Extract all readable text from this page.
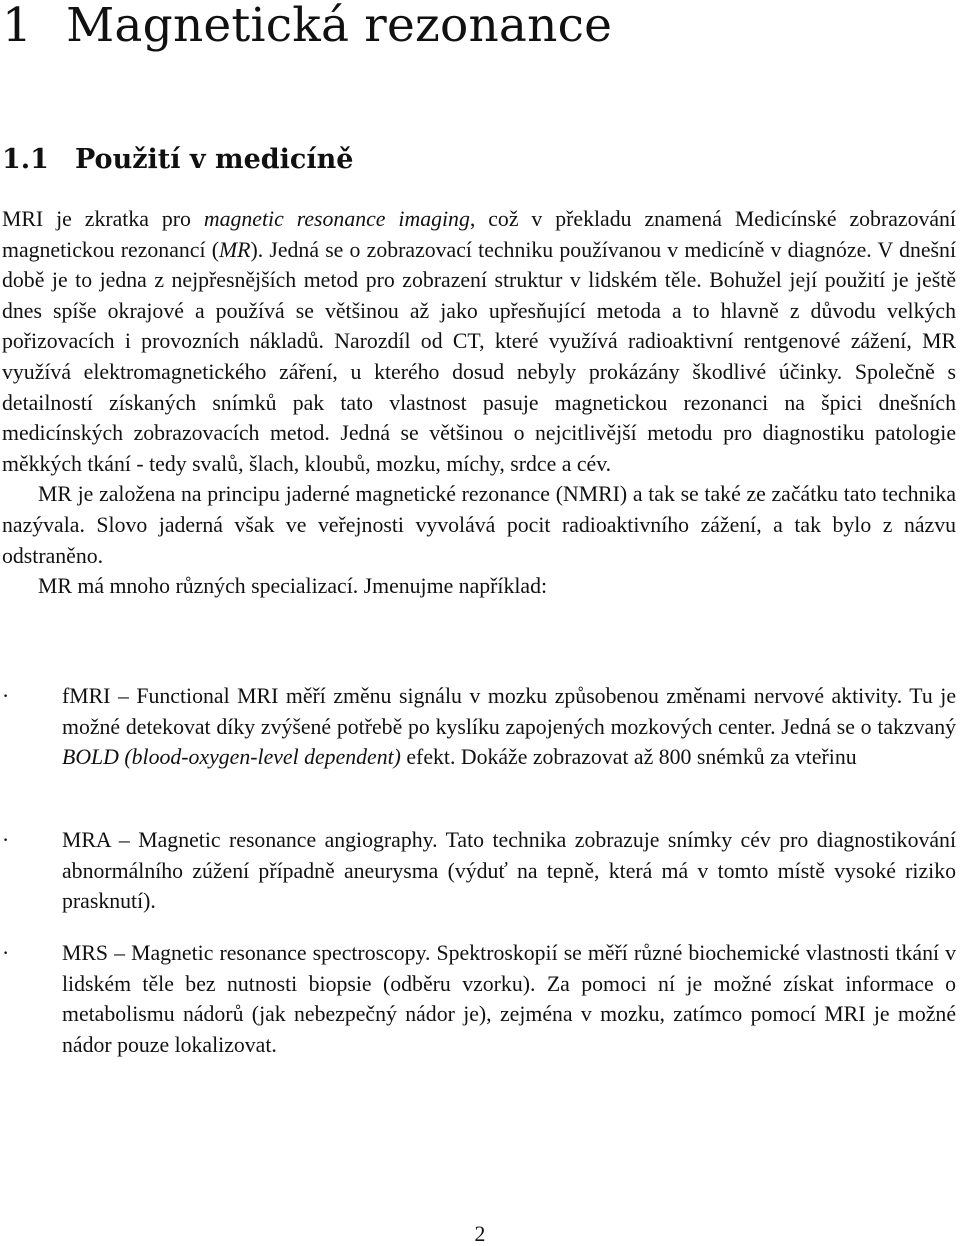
1 Magnetická rezonance
1.1 Použití v medicíně

MRI je zkratka pro magnetic resonance imaging, což v překladu znamená Medicínské zobrazování magnetickou rezonancí (MR). Jedná se o zobrazovací techniku používanou v medicíně v diagnóze. V dnešní době je to jedna z nejpřesnějších metod pro zobrazení struktur v lidském těle. Bohužel její použití je ještě dnes spíše okrajové a používá se většinou až jako upřesňující metoda a to hlavně z důvodu velkých pořizovacích i provozních nákladů. Narozdíl od CT, které využívá radioaktivní rentgenové zážení, MR využívá elektromagnetického záření, u kterého dosud nebyly prokázány škodlivé účinky. Společně s detailností získaných snímků pak tato vlastnost pasuje magnetickou rezonanci na špici dnešních medicínských zobrazovacích metod. Jedná se většinou o nejcitlivější metodu pro diagnostiku patologie měkkých tkání - tedy svalů, šlach, kloubů, mozku, míchy, srdce a cév.

MR je založena na principu jaderné magnetické rezonance (NMRI) a tak se také ze začátku tato technika nazývala. Slovo jaderná však ve veřejnosti vyvolává pocit radioaktivního zážení, a tak bylo z názvu odstraněno.

MR má mnoho různých specializací. Jmenujme například:

·	fMRI – Functional MRI měří změnu signálu v mozku způsobenou změnami nervové aktivity. Tu je možné detekovat díky zvýšené potřebě po kyslíku zapojených mozkových center. Jedná se o takzvaný BOLD (blood-oxygen-level dependent) efekt. Dokáže zobrazovat až 800 snémků za vteřinu
·	MRA – Magnetic resonance angiography. Tato technika zobrazuje snímky cév pro diagnostikování abnormálního zúžení případně aneurysma (výduť na tepně, která má v tomto místě vysoké riziko prasknutí).
·	MRS – Magnetic resonance spectroscopy. Spektroskopií se měří různé biochemické vlastnosti tkání v lidském těle bez nutnosti biopsie (odběru vzorku). Za pomoci ní je možné získat informace o metabolismu nádorů (jak nebezpečný nádor je), zejména v mozku, zatímco pomocí MRI je možné nádor pouze lokalizovat.
2
